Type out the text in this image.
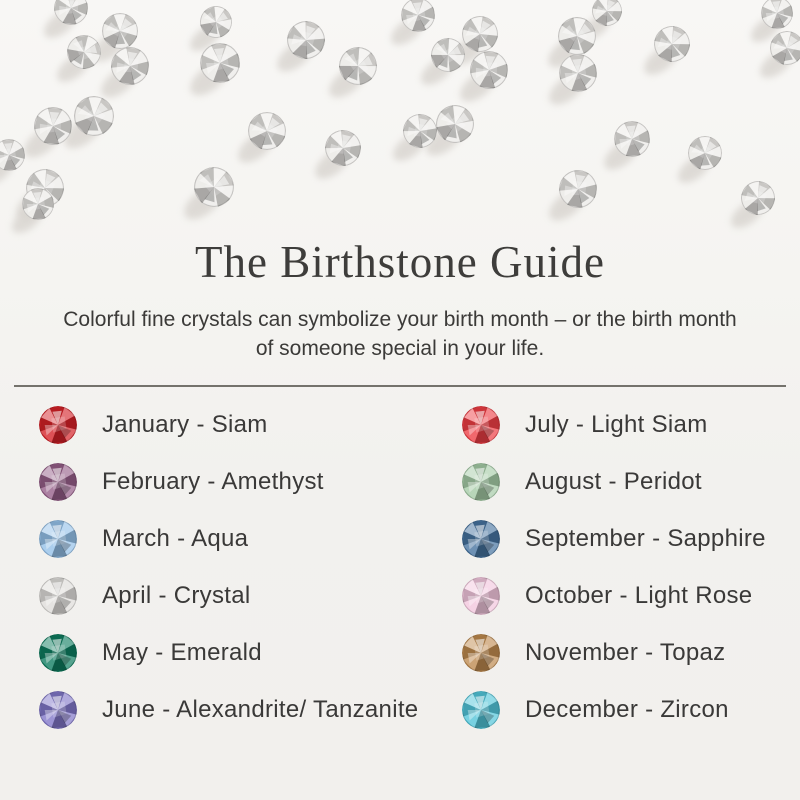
The Birthstone Guide

Colorful fine crystals can symbolize your birth month – or the birth month of someone special in your life.

January - Siam
February - Amethyst
March - Aqua
April - Crystal
May - Emerald
June - Alexandrite/ Tanzanite
July - Light Siam
August - Peridot
September - Sapphire
October - Light Rose
November - Topaz
December - Zircon
